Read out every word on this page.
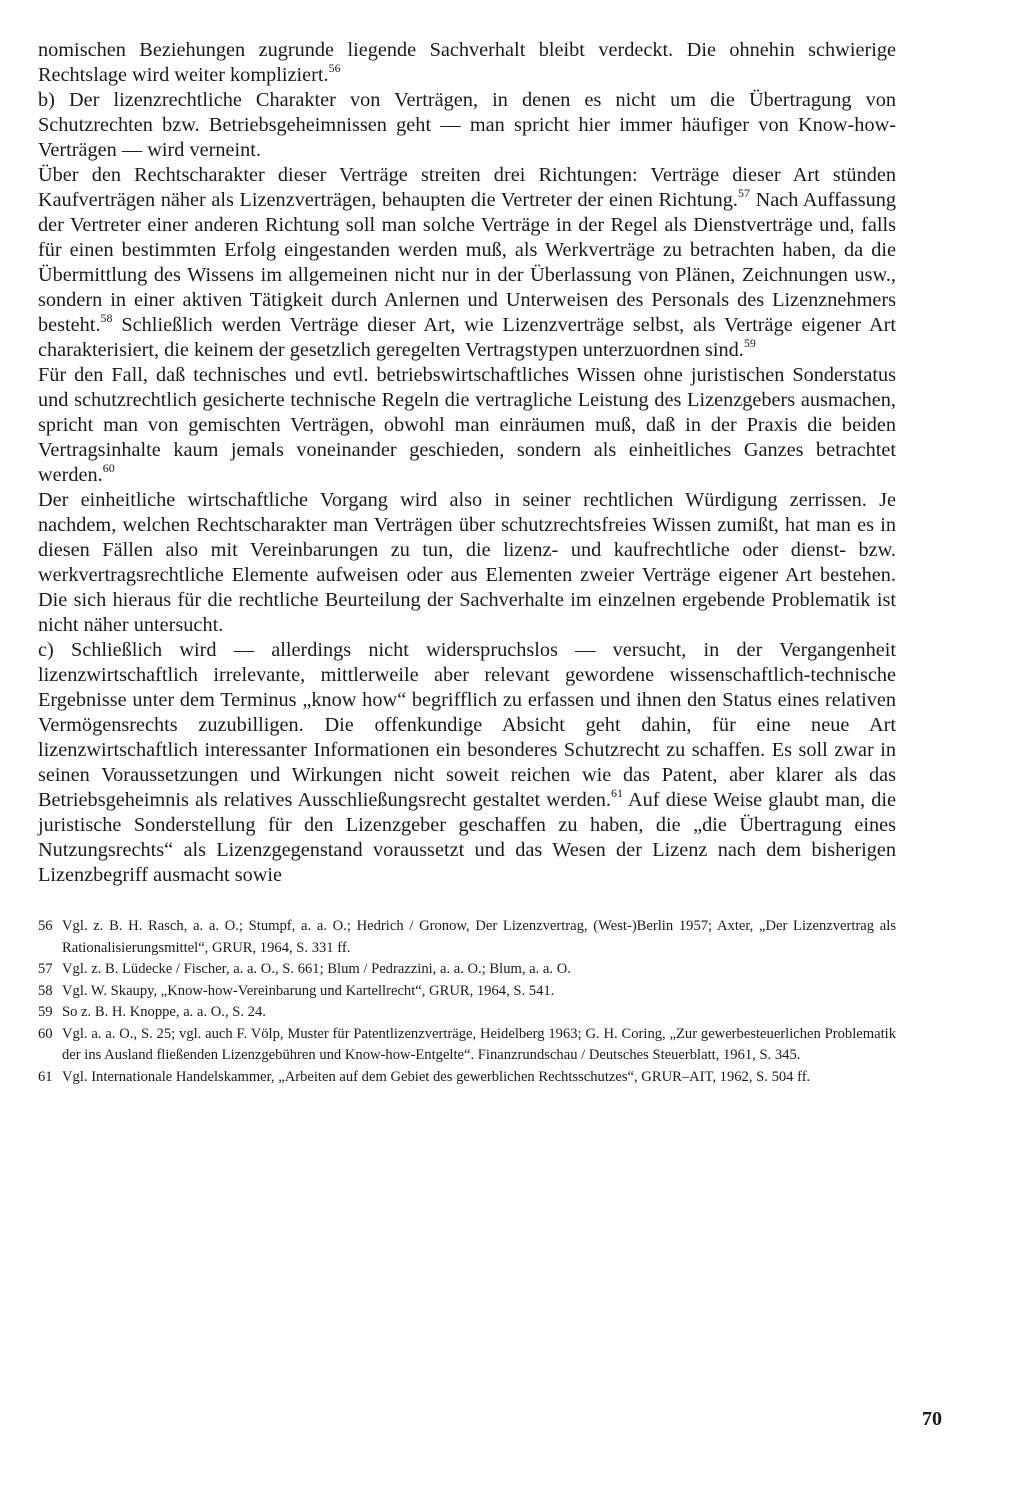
nomischen Beziehungen zugrunde liegende Sachverhalt bleibt verdeckt. Die ohnehin schwierige Rechtslage wird weiter kompliziert.$^{56}$

b) Der lizenzrechtliche Charakter von Verträgen, in denen es nicht um die Übertragung von Schutzrechten bzw. Betriebsgeheimnissen geht — man spricht hier immer häufiger von Know-how-Verträgen — wird verneint.

Über den Rechtscharakter dieser Verträge streiten drei Richtungen: Verträge dieser Art stünden Kaufverträgen näher als Lizenzverträgen, behaupten die Vertreter der einen Richtung.$^{57}$ Nach Auffassung der Vertreter einer anderen Richtung soll man solche Verträge in der Regel als Dienstverträge und, falls für einen bestimmten Erfolg eingestanden werden muß, als Werkverträge zu betrachten haben, da die Übermittlung des Wissens im allgemeinen nicht nur in der Überlassung von Plänen, Zeichnungen usw., sondern in einer aktiven Tätigkeit durch Anlernen und Unterweisen des Personals des Lizenznehmers besteht.$^{58}$ Schließlich werden Verträge dieser Art, wie Lizenzverträge selbst, als Verträge eigener Art charakterisiert, die keinem der gesetzlich geregelten Vertragstypen unterzuordnen sind.$^{59}$

Für den Fall, daß technisches und evtl. betriebswirtschaftliches Wissen ohne juristischen Sonderstatus und schutzrechtlich gesicherte technische Regeln die vertragliche Leistung des Lizenzgebers ausmachen, spricht man von gemischten Verträgen, obwohl man einräumen muß, daß in der Praxis die beiden Vertragsinhalte kaum jemals voneinander geschieden, sondern als einheitliches Ganzes betrachtet werden.$^{60}$

Der einheitliche wirtschaftliche Vorgang wird also in seiner rechtlichen Würdigung zerrissen. Je nachdem, welchen Rechtscharakter man Verträgen über schutzrechtsfreies Wissen zumißt, hat man es in diesen Fällen also mit Vereinbarungen zu tun, die lizenz- und kaufrechtliche oder dienst- bzw. werkvertragsrechtliche Elemente aufweisen oder aus Elementen zweier Verträge eigener Art bestehen. Die sich hieraus für die rechtliche Beurteilung der Sachverhalte im einzelnen ergebende Problematik ist nicht näher untersucht.

c) Schließlich wird — allerdings nicht widerspruchslos — versucht, in der Vergangenheit lizenzwirtschaftlich irrelevante, mittlerweile aber relevant gewordene wissenschaftlich-technische Ergebnisse unter dem Terminus „know how“ begrifflich zu erfassen und ihnen den Status eines relativen Vermögensrechts zuzubilligen. Die offenkundige Absicht geht dahin, für eine neue Art lizenzwirtschaftlich interessanter Informationen ein besonderes Schutzrecht zu schaffen. Es soll zwar in seinen Voraussetzungen und Wirkungen nicht soweit reichen wie das Patent, aber klarer als das Betriebsgeheimnis als relatives Ausschließungsrecht gestaltet werden.$^{61}$ Auf diese Weise glaubt man, die juristische Sonderstellung für den Lizenzgeber geschaffen zu haben, die „die Übertragung eines Nutzungsrechts“ als Lizenzgegenstand voraussetzt und das Wesen der Lizenz nach dem bisherigen Lizenzbegriff ausmacht sowie

56 Vgl. z. B. H. Rasch, a. a. O.; Stumpf, a. a. O.; Hedrich / Gronow, Der Lizenzvertrag, (West-)Berlin 1957; Axter, „Der Lizenzvertrag als Rationalisierungsmittel“, GRUR, 1964, S. 331 ff.

57 Vgl. z. B. Lüdecke / Fischer, a. a. O., S. 661; Blum / Pedrazzini, a. a. O.; Blum, a. a. O.

58 Vgl. W. Skaupy, „Know-how-Vereinbarung und Kartellrecht“, GRUR, 1964, S. 541.

59 So z. B. H. Knoppe, a. a. O., S. 24.

60 Vgl. a. a. O., S. 25; vgl. auch F. Völp, Muster für Patentlizenzverträge, Heidelberg 1963; G. H. Coring, „Zur gewerbesteuerlichen Problematik der ins Ausland fließenden Lizenzgebühren und Know-how-Entgelte“. Finanzrundschau / Deutsches Steuerblatt, 1961, S. 345.

61 Vgl. Internationale Handelskammer, „Arbeiten auf dem Gebiet des gewerblichen Rechtsschutzes“, GRUR–AIT, 1962, S. 504 ff.

70
